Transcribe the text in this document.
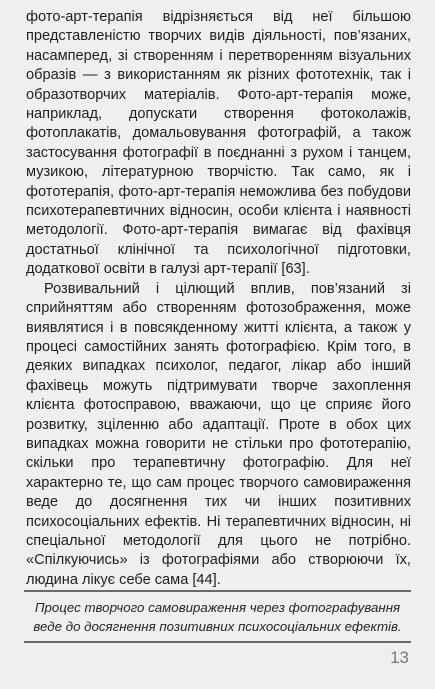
фото-арт-терапія відрізняється від неї більшою представленістю творчих видів діяльності, пов’язаних, насамперед, зі створенням і перетворенням візуальних образів — з використанням як різних фототехнік, так і образотворчих матеріалів. Фото-арт-терапія може, наприклад, допускати створення фотоколажів, фотоплакатів, домальовування фотографій, а також застосування фотографії в поєднанні з рухом і танцем, музикою, літературною творчістю. Так само, як і фототерапія, фото-арт-терапія неможлива без побудови психотерапевтичних відносин, особи клієнта і наявності методології. Фото-арт-терапія вимагає від фахівця достатньої клінічної та психологічної підготовки, додаткової освіти в галузі арт-терапії [63].

Розвивальний і цілющий вплив, пов’язаний зі сприйняттям або створенням фотозображення, може виявлятися і в повсякденному житті клієнта, а також у процесі самостійних занять фотографією. Крім того, в деяких випадках психолог, педагог, лікар або інший фахівець можуть підтримувати творче захоплення клієнта фотосправою, вважаючи, що це сприяє його розвитку, зціленню або адаптації. Проте в обох цих випадках можна говорити не стільки про фототерапію, скільки про терапевтичну фотографію. Для неї характерно те, що сам процес творчого самовираження веде до досягнення тих чи інших позитивних психосоціальних ефектів. Ні терапевтичних відносин, ні спеціальної методології для цього не потрібно. «Спілкуючись» із фотографіями або створюючи їх, людина лікує себе сама [44].

Процес творчого самовираження через фотографування веде до досягнення позитивних психосоціальних ефектів.
13
